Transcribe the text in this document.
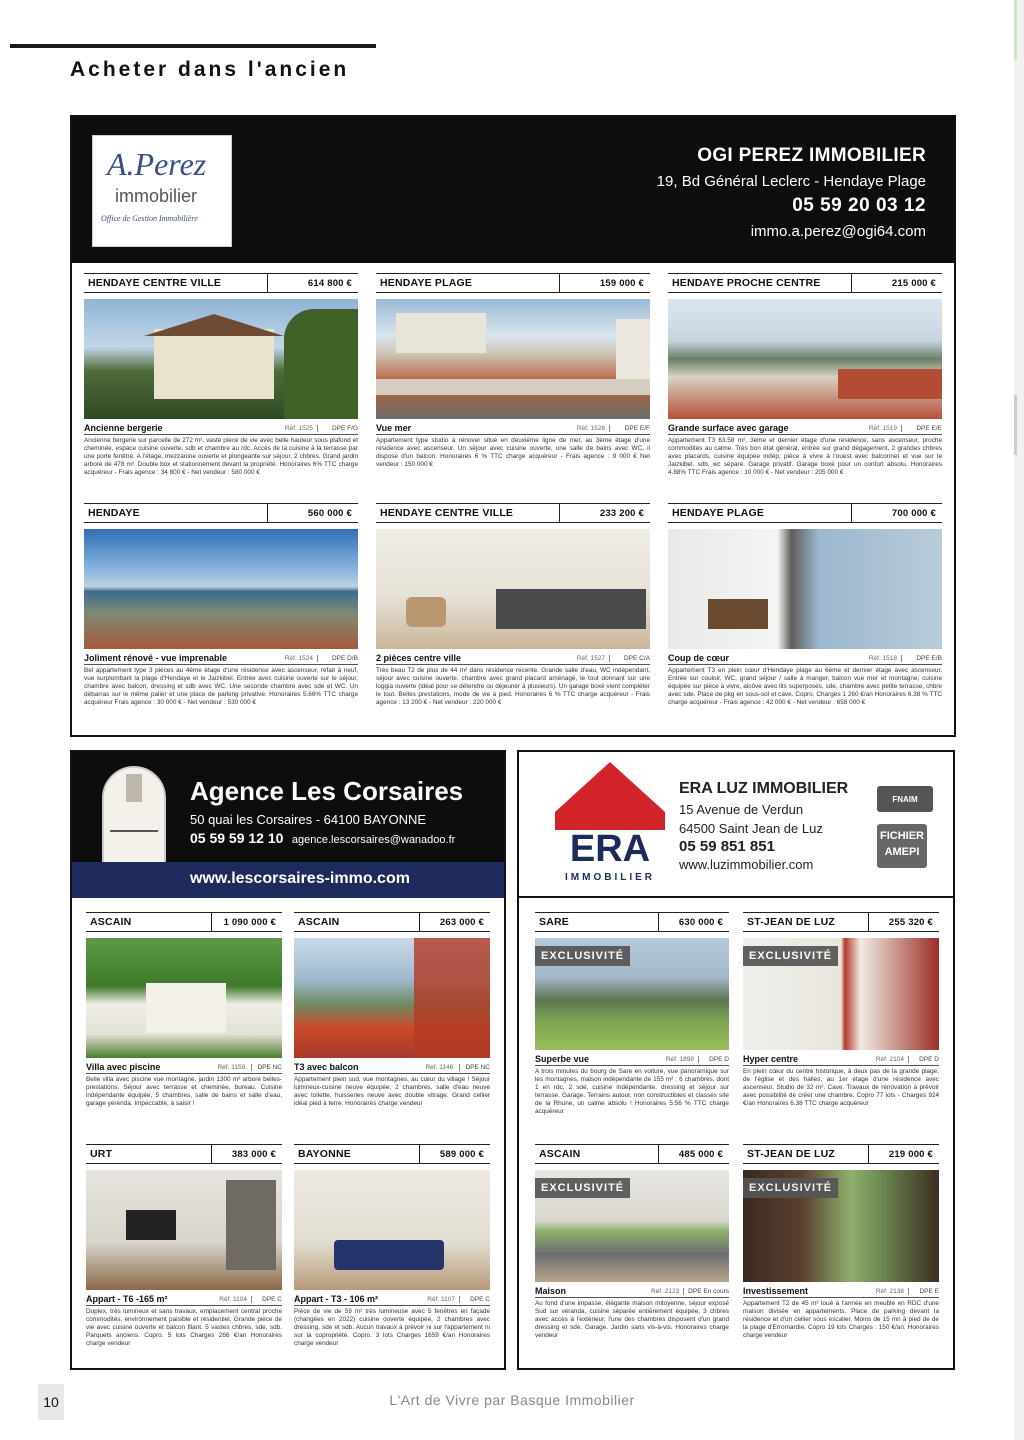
Acheter dans l'ancien
A.Perez
immobilier
Office de Gestion Immobilière
OGI PEREZ IMMOBILIER
19, Bd Général Leclerc - Hendaye Plage
05 59 20 03 12
immo.a.perez@ogi64.com
HENDAYE CENTRE VILLE	614 800 €
Ancienne bergerie	Réf. 1525	DPE F/G
Ancienne bergerie sur parcelle de 272 m², vaste pièce de vie avec belle hauteur sous plafond et cheminée, espace cuisine ouverte, sdb et chambre au rdc. Accès de la cuisine à la terrasse par une porte fenêtre. A l'étage, mezzanine ouverte et plongeante sur séjour, 2 chbres. Grand jardin arboré de 478 m². Double box et stationnement devant la propriété. Honoraires 6% TTC charge acquéreur - Frais agence : 34 800 € - Net vendeur : 580 000 €
HENDAYE PLAGE	159 000 €
Vue mer	Réf. 1528	DPE E/F
Appartement type studio à rénover situé en deuxième ligne de mer, au 3ème étage d'une résidence avec ascenseur. Un séjour avec cuisine ouverte, une salle de bains avec WC, il dispose d'un balcon. Honoraires 6 % TTC charge acquéreur - Frais agence : 9 000 € Net vendeur : 150 000 €
HENDAYE PROCHE CENTRE	215 000 €
Grande surface avec garage	Réf. 1519	DPE E/E
Appartement T3 63.58 m², 3ème et dernier étage d'une résidence, sans ascenseur, proche commodités au calme. Très bon état général, entrée sur grand dégagement, 2 grandes chbres avec placards, cuisine équipée indép, pièce à vivre à l'ouest avec balconnet et vue sur le Jaizkibel, sdb, wc séparé. Garage privatif. Garage boxé pour un confort absolu. Honoraires 4.88% TTC Frais agence : 10 000 € - Net vendeur : 205 000 €
HENDAYE	560 000 €
Joliment rénové - vue imprenable	Réf. 1524	DPE D/B
Bel appartement type 3 pièces au 4ème étage d'une résidence avec ascenseur, refait à neuf, vue surplombant la plage d'Hendaye et le Jaizkibel. Entrée avec cuisine ouverte sur le séjour, chambre avec balcon, dressing et sdb avec WC. Une seconde chambre avec sde et WC. Un débarras sur le même palier et une place de parking privative. Honoraires 5.66% TTC charge acquéreur Frais agence : 30 000 € - Net vendeur : 530 000 €
HENDAYE CENTRE VILLE	233 200 €
2 pièces centre ville	Réf. 1527	DPE C/A
Très beau T2 de plus de 44 m² dans résidence récente. Grande salle d'eau, WC indépendant, séjour avec cuisine ouverte, chambre avec grand placard aménagé, le tout donnant sur une loggia ouverte (idéal pour se détendre ou déjeuner à plusieurs). Un garage boxé vient compléter le tout. Belles prestations, mode de vie à pied. Honoraires 6 % TTC charge acquéreur - Frais agence : 13 200 € - Net vendeur : 220 000 €
HENDAYE PLAGE	700 000 €
Coup de cœur	Réf. 1518	DPE E/B
Appartement T3 en plein cœur d'Hendaye plage au 6ème et dernier étage avec ascenseur. Entrée sur couloir, WC, grand séjour / salle à manger, balcon vue mer et montagne, cuisine équipée sur pièce à vivre, alcôve avec lits superposés, sde, chambre avec petite terrasse, chbre avec sde. Place de pkg en sous-sol et cave. Copro. Charges 1 260 €/an Honoraires 6.38 % TTC charge acquéreur - Frais agence : 42 000 € - Net vendeur : 658 000 €
Agence Les Corsaires
50 quai les Corsaires - 64100 BAYONNE
05 59 59 12 10 agence.lescorsaires@wanadoo.fr
www.lescorsaires-immo.com
ASCAIN	1 090 000 €
Villa avec piscine	Réf. 1159.	DPE NC
Belle villa avec piscine vue montagne, jardin 1300 m² arboré belles-prestations. Séjour avec terrasse et cheminée, bureau. Cuisine indépendante équipée, 5 chambres, salle de bains et salle d'eau, garage yérenda. Impeccable, à saisir !
ASCAIN	263 000 €
T3 avec balcon	Réf. 1146.	DPE NC
Appartement plein sud, vue montagnes, au cœur du village ! Séjour lumineux-cuisine neuve équipée, 2 chambres, salle d'eau neuve avec toilette, huisseries neuve avec double vitrage. Grand cellier idéal pied à terre. Honoraires charge vendeur
URT	383 000 €
Appart - T6 -165 m²	Réf. 1104	DPE C
Duplex, très lumineux et sans travaux, emplacement central proche commodités, environnement paisible et résidentiel. Grande pièce de vie avec cuisine ouverte et balcon filant. 5 vastes chbres, sde, sdb. Parquets anciens. Copro. 5 lots Charges 266 €/an Honoraires charge vendeur
BAYONNE	589 000 €
Appart - T3 - 106 m²	Réf. 1107	DPE C
Pièce de vie de 59 m² très lumineuse avec 5 fenêtres en façade (changées en 2022) cuisine ouverte équipée, 2 chambres avec dressing, sde et sdb. Aucun travaux à prévoir ni sur l'appartement ni sur la copropriété. Copro. 3 lots Charges 1659 €/an Honoraires charge vendeur
ERA
IMMOBILIER
ERA LUZ IMMOBILIER
15 Avenue de Verdun
64500 Saint Jean de Luz
05 59 851 851
www.luzimmobilier.com
FNAIM
FICHIER
AMEPI
SARE	630 000 €
EXCLUSIVITÉ
Superbe vue	Réf. 1898	DPE D
A trois minutes du bourg de Sare en voiture, vue panoramique sur les montagnes, maison indépendante de 155 m² : 6 chambres, dont 1 en rdc, 2 sde, cuisine indépendante, dressing et séjour sur terrasse. Garage. Terrains autour, non constructibles et classés site de la Rhune, un calme absolu ! Honoraires 5.56 % TTC charge acquéreur
ST-JEAN DE LUZ	255 320 €
EXCLUSIVITÉ
Hyper centre	Réf. 2104	DPE D
En plein cœur du centre historique, à deux pas de la grande plage, de l'église et des halles, au 1er étage d'une résidence avec ascenseur, Studio de 32 m². Cave. Travaux de rénovation à prévoir avec possibilité de créer une chambre. Copro 77 lots - Charges 924 €/an Honoraires 6.38 TTC charge acquéreur
ASCAIN	485 000 €
EXCLUSIVITÉ
Maison	Réf. 2123	DPE En cours
Au fond d'une impasse, élégante maison mitoyenne, séjour exposé Sud sur véranda, cuisine séparée entièrement équipée, 3 chbres avec accès à l'extérieur, l'une des chambres disposent d'un grand dressing et sde. Garage. Jardin sans vis-à-vis. Honoraires charge vendeur
ST-JEAN DE LUZ	219 000 €
EXCLUSIVITÉ
Investissement	Réf. 2138	DPE E
Appartement T2 de 45 m² loué à l'année en meublé en RDC d'une maison divisée en appartements. Place de parking devant la résidence et d'un cellier sous escalier. Moins de 15 mn à pied de de la plage d'Erromardie. Copro 19 lots Charges : 150 €/an. Honoraires charge vendeur
10	L'Art de Vivre par Basque Immobilier
